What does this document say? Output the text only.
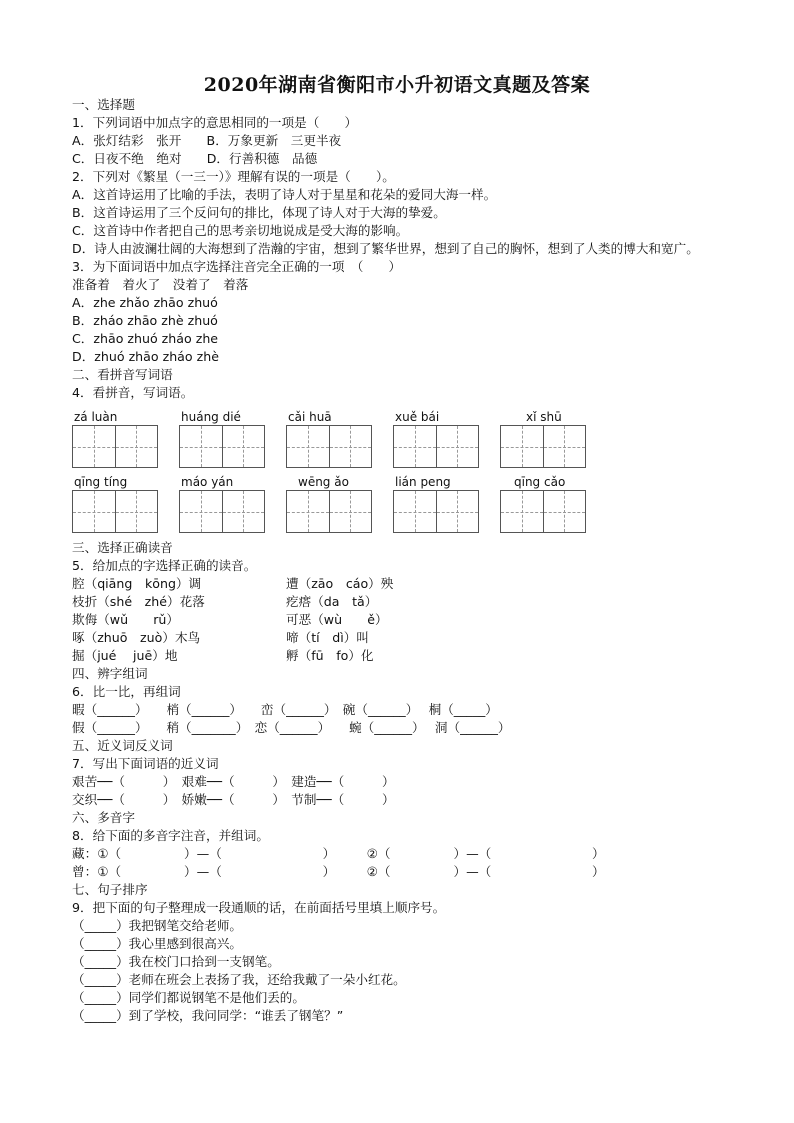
2020年湖南省衡阳市小升初语文真题及答案
一、选择题
1．下列词语中加点字的意思相同的一项是（　　）
A．张灯结彩　张开　　B．万象更新　三更半夜
C．日夜不绝　绝对　　D．行善积德　品德
2．下列对《繁星（一三一）》理解有误的一项是（　　）。
A．这首诗运用了比喻的手法，表明了诗人对于星星和花朵的爱同大海一样。
B．这首诗运用了三个反问句的排比，体现了诗人对于大海的挚爱。
C．这首诗中作者把自己的思考亲切地说成是受大海的影响。
D．诗人由波澜壮阔的大海想到了浩瀚的宇宙，想到了繁华世界，想到了自己的胸怀，想到了人类的博大和宽广。
3．为下面词语中加点字选择注音完全正确的一项　（　　）
准备着　着火了　没着了　着落
A．zhe zhǎo zhāo zhuó
B．zháo zhāo zhè zhuó
C．zhāo zhuó zháo zhe
D．zhuó zhāo zháo zhè
二、看拼音写词语
4．看拼音，写词语。
zá luàn	huáng dié	cǎi huā	xuě bái	xǐ shū
qīng tíng	máo yán	wēng ǎo	lián peng	qīng cǎo
三、选择正确读音
5．给加点的字选择正确的读音。
腔（qiāng　kōng）调	遭（zāo　cáo）殃
枝折（shé　zhé）花落	疙瘩（da　tǎ）
欺侮（wǔ　　rǔ）	可恶（wù　　ě）
啄（zhuō　zuò）木鸟	啼（tí　dì）叫
掘（jué　 juē）地	孵（fū　fo）化
四、辨字组词
6．比一比，再组词
暇（______）　　梢（______）　　峦（______）　碗（______）　 桐（_____）
假（______）　　稍（_______）　恋（______）　　蜿（______）　 洞（______）
五、近义词反义词
7．写出下面词语的近义词
艰苦──（　　　）　艰难──（　　　）　建造──（　　　）
交织──（　　　）　娇嫩──（　　　）　节制──（　　　）
六、多音字
8．给下面的多音字注音，并组词。
藏：①（　　　　　）—（　　　　　　　　）　　　②（　　　　　）—（　　　　　　　　）
曾：①（　　　　　）—（　　　　　　　　）　　　②（　　　　　）—（　　　　　　　　）
七、句子排序
9．把下面的句子整理成一段通顺的话，在前面括号里填上顺序号。
（_____）我把钢笔交给老师。
（_____）我心里感到很高兴。
（_____）我在校门口拾到一支钢笔。
（_____）老师在班会上表扬了我，还给我戴了一朵小红花。
（_____）同学们都说钢笔不是他们丢的。
（_____）到了学校，我问同学：“谁丢了钢笔？”
